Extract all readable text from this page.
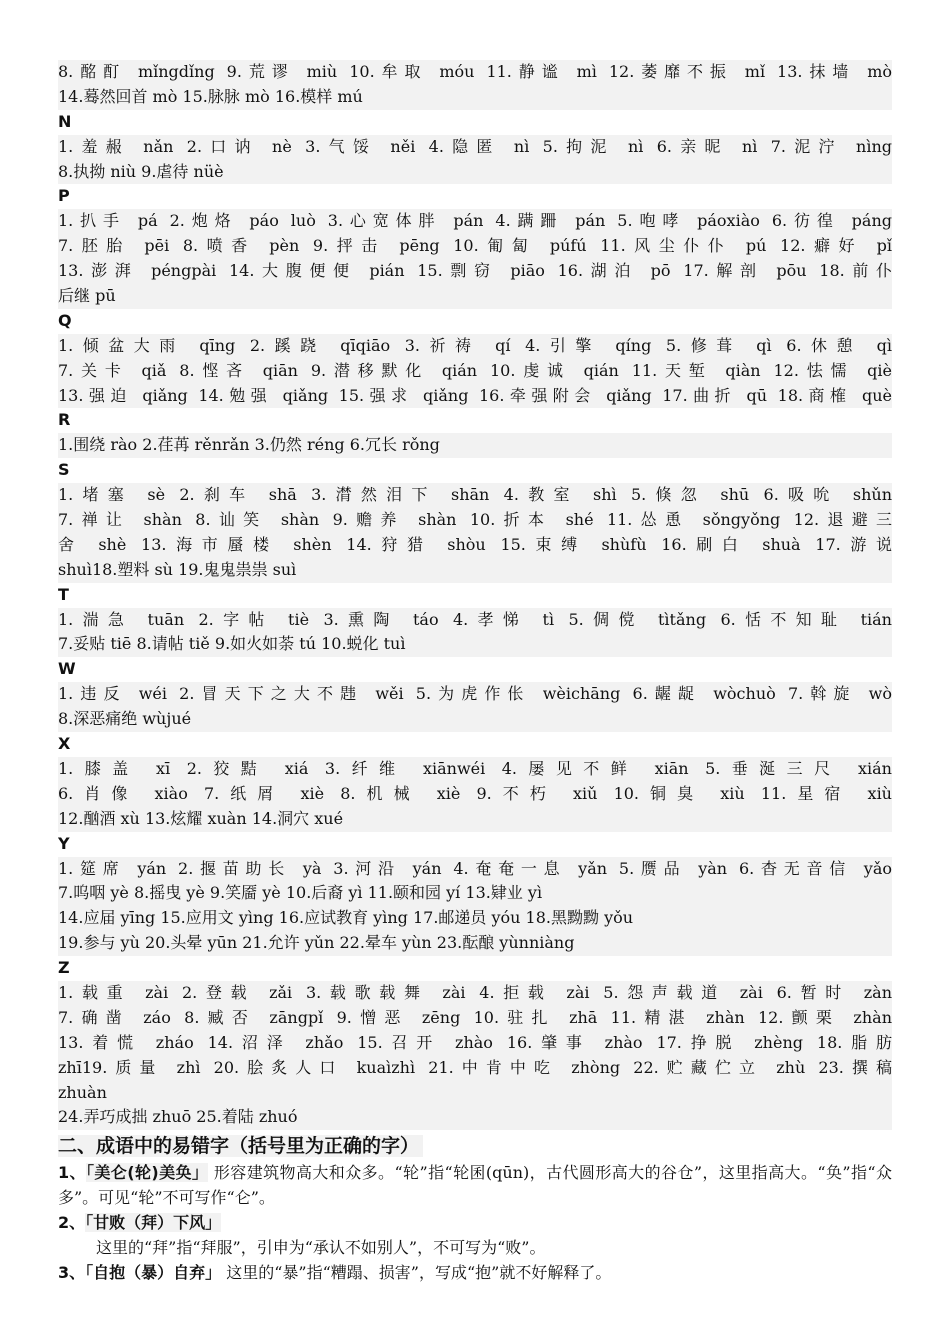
8.酩酊 mǐngdǐng 9.荒谬 miù 10.牟取 móu 11.静谧 mì 12.萎靡不振 mǐ 13.抹墙 mò
14.蓦然回首 mò 15.脉脉 mò 16.模样 mú
N
1.羞赧 nǎn 2.口讷 nè 3.气馁 něi 4.隐匿 nì 5.拘泥 nì 6.亲昵 nì 7.泥泞 nìng
8.执拗 niù 9.虐待 nüè
P
1.扒手 pá 2.炮烙 páo luò 3.心宽体胖 pán 4.蹒跚 pán 5.咆哮 páoxiào 6.彷徨 páng
7.胚胎 pēi 8.喷香 pèn 9.抨击 pēng 10.匍匐 púfú 11.风尘仆仆 pú 12.癖好 pǐ
13.澎湃 péngpài 14.大腹便便 pián 15.剽窃 piāo 16.湖泊 pō 17.解剖 pōu 18.前仆
后继 pū
Q
1.倾盆大雨 qīng 2.蹊跷 qīqiāo 3.祈祷 qí 4.引擎 qíng 5.修葺 qì 6.休憩 qì
7.关卡 qiǎ 8.悭吝 qiān 9.潜移默化 qián 10.虔诚 qián 11.天堑 qiàn 12.怯懦 qiè
13.强迫 qiǎng 14.勉强 qiǎng 15.强求 qiǎng 16.牵强附会 qiǎng 17.曲折 qū 18.商榷 què
R
1.围绕 rào 2.荏苒 rěnrǎn 3.仍然 réng 6.冗长 rǒng
S
1.堵塞 sè 2.刹车 shā 3.潸然泪下 shān 4.教室 shì 5.倏忽 shū 6.吸吮 shǔn
7.禅让 shàn 8.讪笑 shàn 9.赡养 shàn 10.折本 shé 11.怂恿 sǒngyǒng 12.退避三
舍 shè 13.海市蜃楼 shèn 14.狩猎 shòu 15.束缚 shùfù 16.刷白 shuà 17.游说
shuì18.塑料 sù 19.鬼鬼祟祟 suì
T
1.湍急 tuān 2.字帖 tiè 3.熏陶 táo 4.孝悌 tì 5.倜傥 tìtǎng 6.恬不知耻 tián
7.妥贴 tiē 8.请帖 tiě 9.如火如荼 tú 10.蜕化 tuì
W
1.违反 wéi 2.冒天下之大不韪 wěi 5.为虎作伥 wèichāng 6.龌龊 wòchuò 7.斡旋 wò
8.深恶痛绝 wùjué
X
1.膝盖 xī 2.狡黠 xiá 3.纤维 xiānwéi 4.屡见不鲜 xiān 5.垂涎三尺 xián
6.肖像 xiào 7.纸屑 xiè 8.机械 xiè 9.不朽 xiǔ 10.铜臭 xiù 11.星宿 xiù
12.酗酒 xù 13.炫耀 xuàn 14.洞穴 xué
Y
1.筵席 yán 2.揠苗助长 yà 3.河沿 yán 4.奄奄一息 yǎn 5.赝品 yàn 6.杳无音信 yǎo
7.呜咽 yè 8.摇曳 yè 9.笑靥 yè 10.后裔 yì 11.颐和园 yí 13.肄业 yì
14.应届 yīng 15.应用文 yìng 16.应试教育 yìng 17.邮递员 yóu 18.黑黝黝 yǒu
19.参与 yù 20.头晕 yūn 21.允许 yǔn 22.晕车 yùn 23.酝酿 yùnniàng
Z
1.载重 zài 2.登载 zǎi 3.载歌载舞 zài 4.拒载 zài 5.怨声载道 zài 6.暂时 zàn
7.确凿 záo 8.臧否 zāngpǐ 9.憎恶 zēng 10.驻扎 zhā 11.精湛 zhàn 12.颤栗 zhàn
13.着慌 zháo 14.沼泽 zhǎo 15.召开 zhào 16.肇事 zhào 17.挣脱 zhèng 18.脂肪
zhī19.质量 zhì 20.脍炙人口 kuaìzhì 21.中肯中吃 zhòng 22.贮藏伫立 zhù 23.撰稿
zhuàn
24.弄巧成拙 zhuō 25.着陆 zhuó
二、成语中的易错字（括号里为正确的字）
1、「美仑(轮)美奂」 形容建筑物高大和众多。“轮”指“轮囷(qūn)，古代圆形高大的谷仓”，这里指高大。“奂”指“众多”。可见“轮”不可写作“仑”。
2、「甘败（拜）下风」
这里的“拜”指“拜服”，引申为“承认不如别人”，不可写为“败”。
3、「自抱（暴）自弃」 这里的“暴”指“糟蹋、损害”，写成“抱”就不好解释了。
